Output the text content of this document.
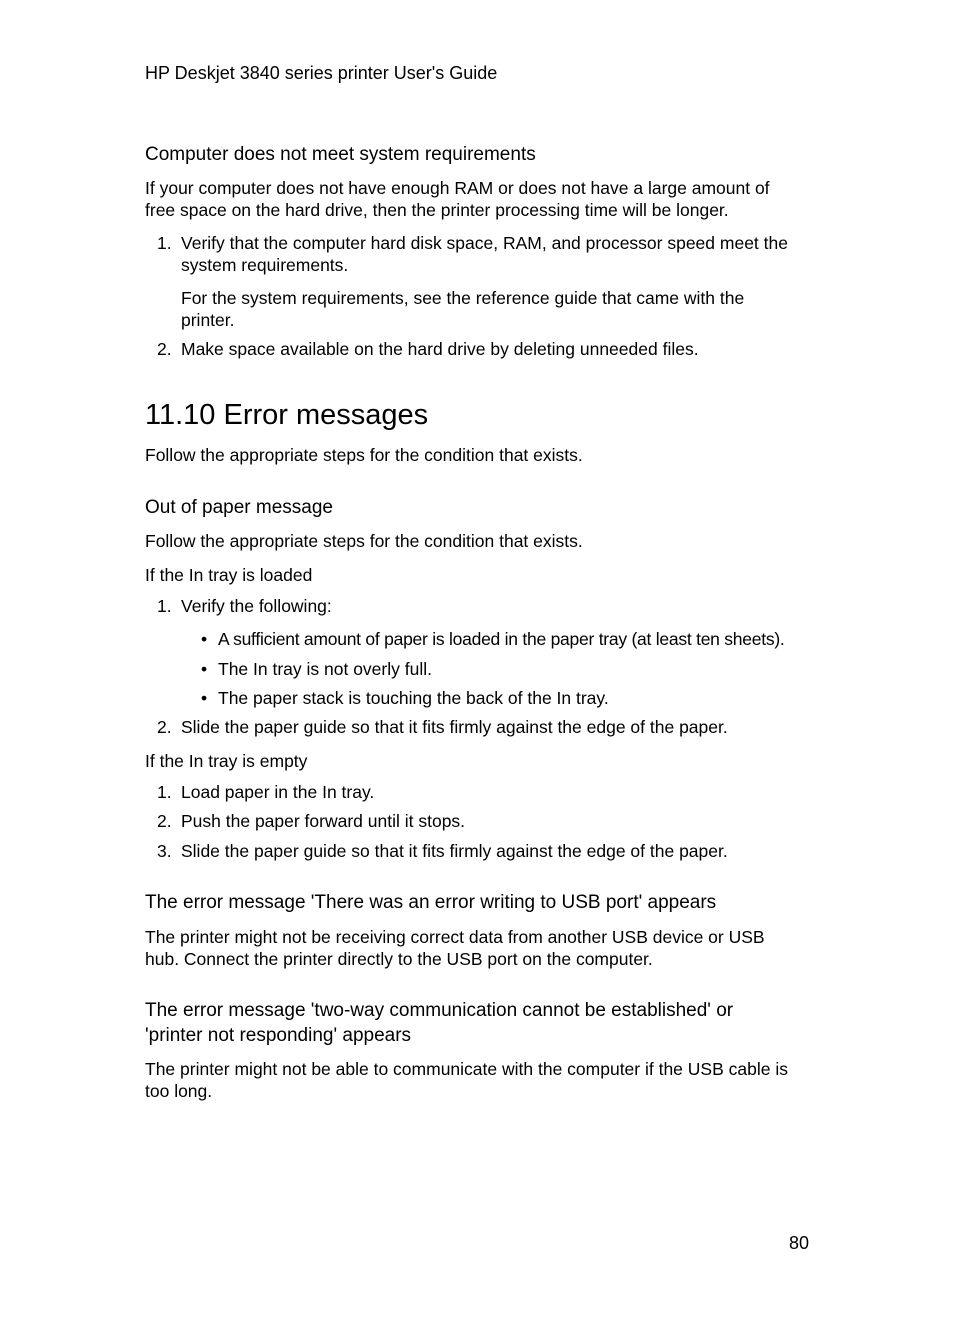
HP Deskjet 3840 series printer User's Guide
Computer does not meet system requirements
If your computer does not have enough RAM or does not have a large amount of
free space on the hard drive, then the printer processing time will be longer.
1. Verify that the computer hard disk space, RAM, and processor speed meet the
system requirements.
For the system requirements, see the reference guide that came with the
printer.
2. Make space available on the hard drive by deleting unneeded files.
11.10 Error messages
Follow the appropriate steps for the condition that exists.
Out of paper message
Follow the appropriate steps for the condition that exists.
If the In tray is loaded
1. Verify the following:
• A sufficient amount of paper is loaded in the paper tray (at least ten sheets).
• The In tray is not overly full.
• The paper stack is touching the back of the In tray.
2. Slide the paper guide so that it fits firmly against the edge of the paper.
If the In tray is empty
1. Load paper in the In tray.
2. Push the paper forward until it stops.
3. Slide the paper guide so that it fits firmly against the edge of the paper.
The error message 'There was an error writing to USB port' appears
The printer might not be receiving correct data from another USB device or USB
hub. Connect the printer directly to the USB port on the computer.
The error message 'two-way communication cannot be established' or
'printer not responding' appears
The printer might not be able to communicate with the computer if the USB cable is
too long.
80
